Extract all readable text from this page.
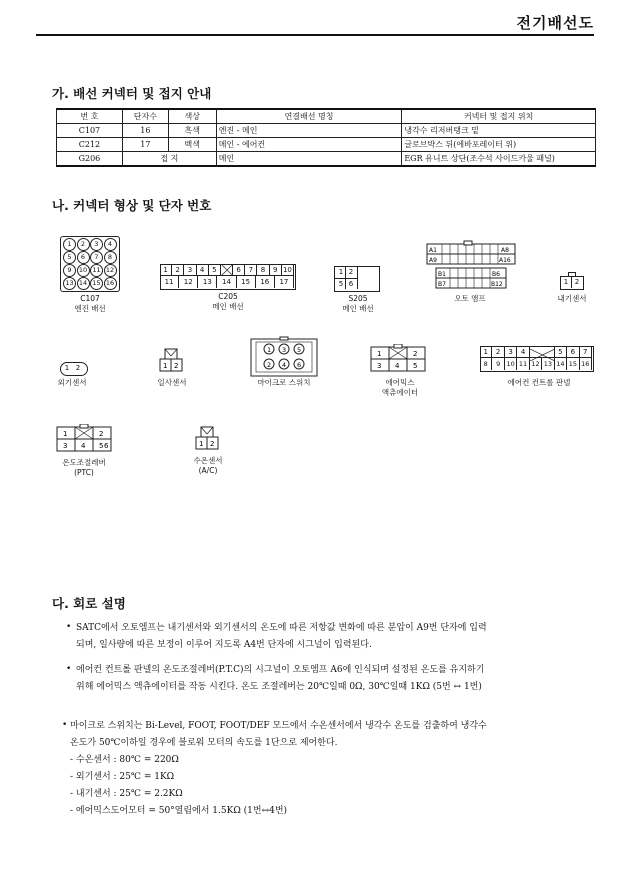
전기배선도
가. 배선 커넥터 및 접지 안내
번 호	단자수	색상	연결배선 명칭	커넥터 및 접지 위치
C107	16	흑색	엔진 - 메인	냉각수 리저버탱크 밑
C212	17	백색	메인 - 에어컨	글로브박스 뒤(에바포레이터 위)
G206	접 지		메인	EGR 유니트 상단(조수석 사이드카울 패널)
나. 커넥터 형상 및 단자 번호
1	2	3	4
5	6	7	8
9	10 11 12
13 14 15 16
C107
엔진 배선
1	2	3	4	5	6	7	8	9 10
11	12	13	14	15	16	17
C205
메인 배선
1 2
5 6
S205
메인 배선
A1	A8
A9	A16
B1	B6
B7	B12
오토 앰프
1 2
내기센서
1 2
외기센서
1 2
일사센서
1 3 5
2 4 6
마이크로 스위치
1	2
3 4 5
에어믹스
액츄에이터
1	2	3	4	5	6	7
8	9 10 11 12 13 14 15 16
에어컨 컨트롤 판넬
1	2
3 4 5 6
온도조절레버
(PTC)
1 2
수온센서
(A/C)
다. 회로 설명
• SATC에서 오토엠프는 내기센서와 외기센서의 온도에 따른 저항값 변화에 따른 분압이 A9번 단자에 입력
되며, 일사량에 따른 보정이 이루어 지도록 A4번 단자에 시그널이 입력된다.
• 에어컨 컨트롤 판넬의 온도조절레버(P.T.C)의 시그널이 오토엠프 A6에 인식되며 설정된 온도를 유지하기
위해 에어믹스 액츄에이터를 작동 시킨다. 온도 조절레버는 20℃일때 0Ω, 30℃일때 1KΩ (5번 ↔ 1번)
• 마이크로 스위치는 Bi-Level, FOOT, FOOT/DEF 모드에서 수온센서에서 냉각수 온도를 검출하여 냉각수
온도가 50℃이하일 경우에 블로워 모터의 속도를 1단으로 제어한다.
- 수온센서 : 80℃ = 220Ω
- 외기센서 : 25℃ = 1KΩ
- 내기센서 : 25℃ = 2.2KΩ
- 에어믹스도어모터 = 50°열림에서 1.5KΩ (1번↔4번)
